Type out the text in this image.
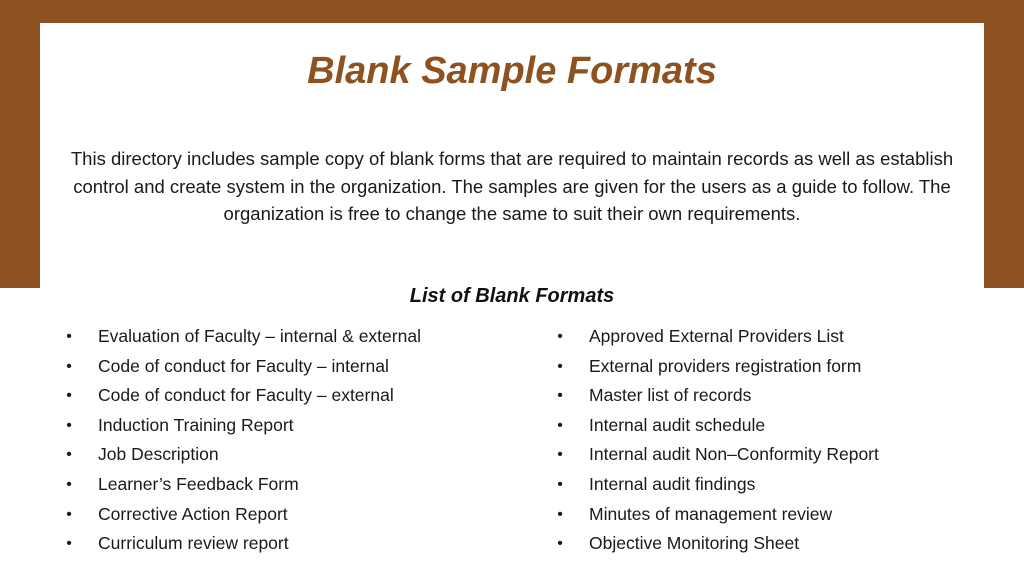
Blank Sample Formats

This directory includes sample copy of blank forms that are required to maintain records as well as establish control and create system in the organization. The samples are given for the users as a guide to follow. The organization is free to change the same to suit their own requirements.

List of Blank Formats
• Evaluation of Faculty – internal & external
• Code of conduct for Faculty – internal
• Code of conduct for Faculty – external
• Induction Training Report
• Job Description
• Learner’s Feedback Form
• Corrective Action Report
• Curriculum review report
• Approved External Providers List
• External providers registration form
• Master list of records
• Internal audit schedule
• Internal audit Non–Conformity Report
• Internal audit findings
• Minutes of management review
• Objective Monitoring Sheet
